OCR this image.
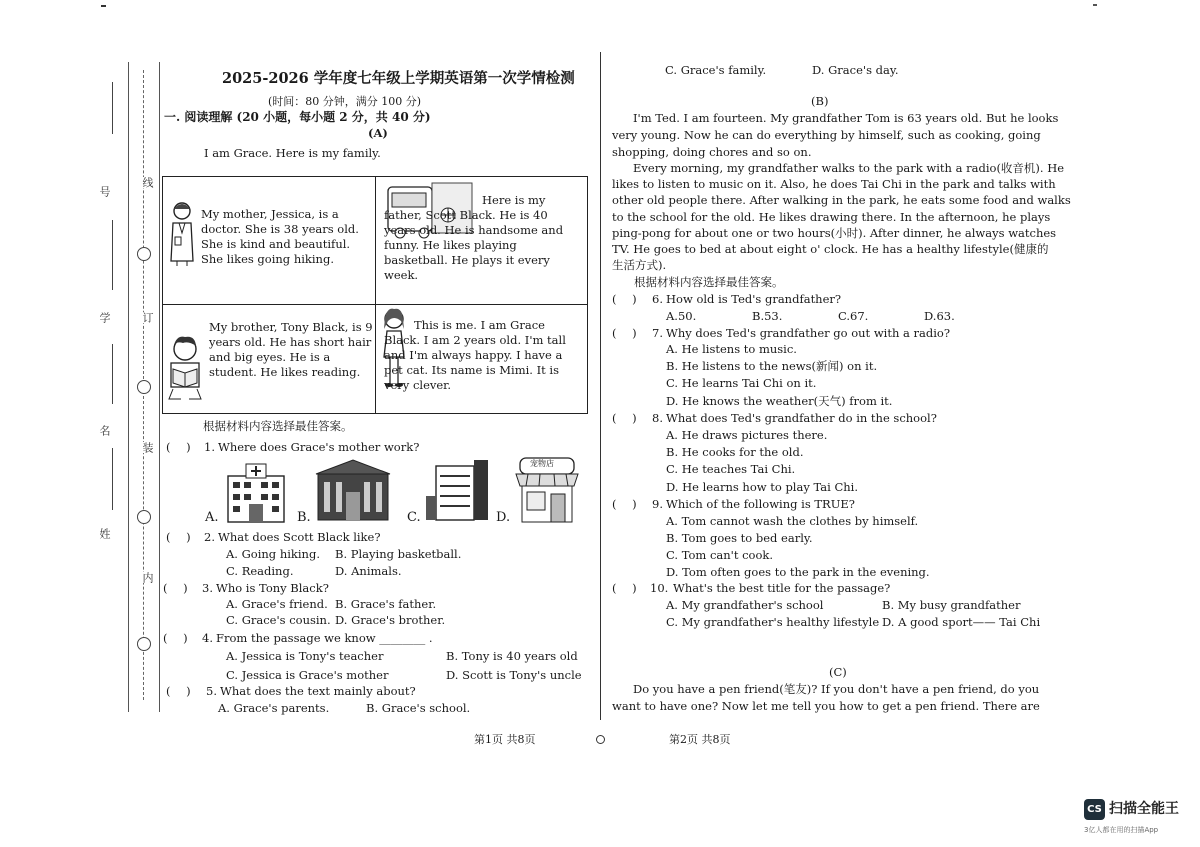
号
学
名
姓
线
订
装
内
2025-2026 学年度七年级上学期英语第一次学情检测
(时间：80 分钟，满分 100 分)
一. 阅读理解 (20 小题，每小题 2 分，共 40 分)
(A)
I am Grace. Here is my family.
My mother, Jessica, is a doctor. She is 38 years old. She is kind and beautiful. She likes going hiking.
Here is my father, Scott Black. He is 40 years old. He is handsome and funny. He likes playing basketball. He plays it every week.
My brother, Tony Black, is 9 years old. He has short hair and big eyes. He is a student. He likes reading.
This is me. I am Grace Black. I am 2 years old. I'm tall and I'm always happy. I have a pet cat. Its name is Mimi. It is very clever.
根据材料内容选择最佳答案。
( ) 1. Where does Grace's mother work?
A.	B.	C.	D.
宠物店
( ) 2. What does Scott Black like?
A. Going hiking. B. Playing basketball.
C. Reading.	D. Animals.
( ) 3. Who is Tony Black?
A. Grace's friend. B. Grace's father.
C. Grace's cousin. D. Grace's brother.
( ) 4. From the passage we know ________ .
A. Jessica is Tony's teacher	B. Tony is 40 years old
C. Jessica is Grace's mother	D. Scott is Tony's uncle
( ) 5. What does the text mainly about?
A. Grace's parents.	B. Grace's school.
C. Grace's family.	D. Grace's day.
(B)
I'm Ted. I am fourteen. My grandfather Tom is 63 years old. But he looks
very young. Now he can do everything by himself, such as cooking, going
shopping, doing chores and so on.
Every morning, my grandfather walks to the park with a radio(收音机). He
likes to listen to music on it. Also, he does Tai Chi in the park and talks with
other old people there. After walking in the park, he eats some food and walks
to the school for the old. He likes drawing there. In the afternoon, he plays
ping-pong for about one or two hours(小时). After dinner, he always watches
TV. He goes to bed at about eight o' clock. He has a healthy lifestyle(健康的
生活方式).
根据材料内容选择最佳答案。
( ) 6. How old is Ted's grandfather?
A.50.	B.53.	C.67.	D.63.
( ) 7. Why does Ted's grandfather go out with a radio?
A. He listens to music.
B. He listens to the news(新闻) on it.
C. He learns Tai Chi on it.
D. He knows the weather(天气) from it.
( ) 8. What does Ted's grandfather do in the school?
A. He draws pictures there.
B. He cooks for the old.
C. He teaches Tai Chi.
D. He learns how to play Tai Chi.
( ) 9. Which of the following is TRUE?
A. Tom cannot wash the clothes by himself.
B. Tom goes to bed early.
C. Tom can't cook.
D. Tom often goes to the park in the evening.
( ) 10. What's the best title for the passage?
A. My grandfather's school	B. My busy grandfather
C. My grandfather's healthy lifestyle D. A good sport—— Tai Chi
(C)
Do you have a pen friend(笔友)? If you don't have a pen friend, do you
want to have one? Now let me tell you how to get a pen friend. There are
第1页 共8页	第2页 共8页
CS 扫描全能王
3亿人都在用的扫描App
